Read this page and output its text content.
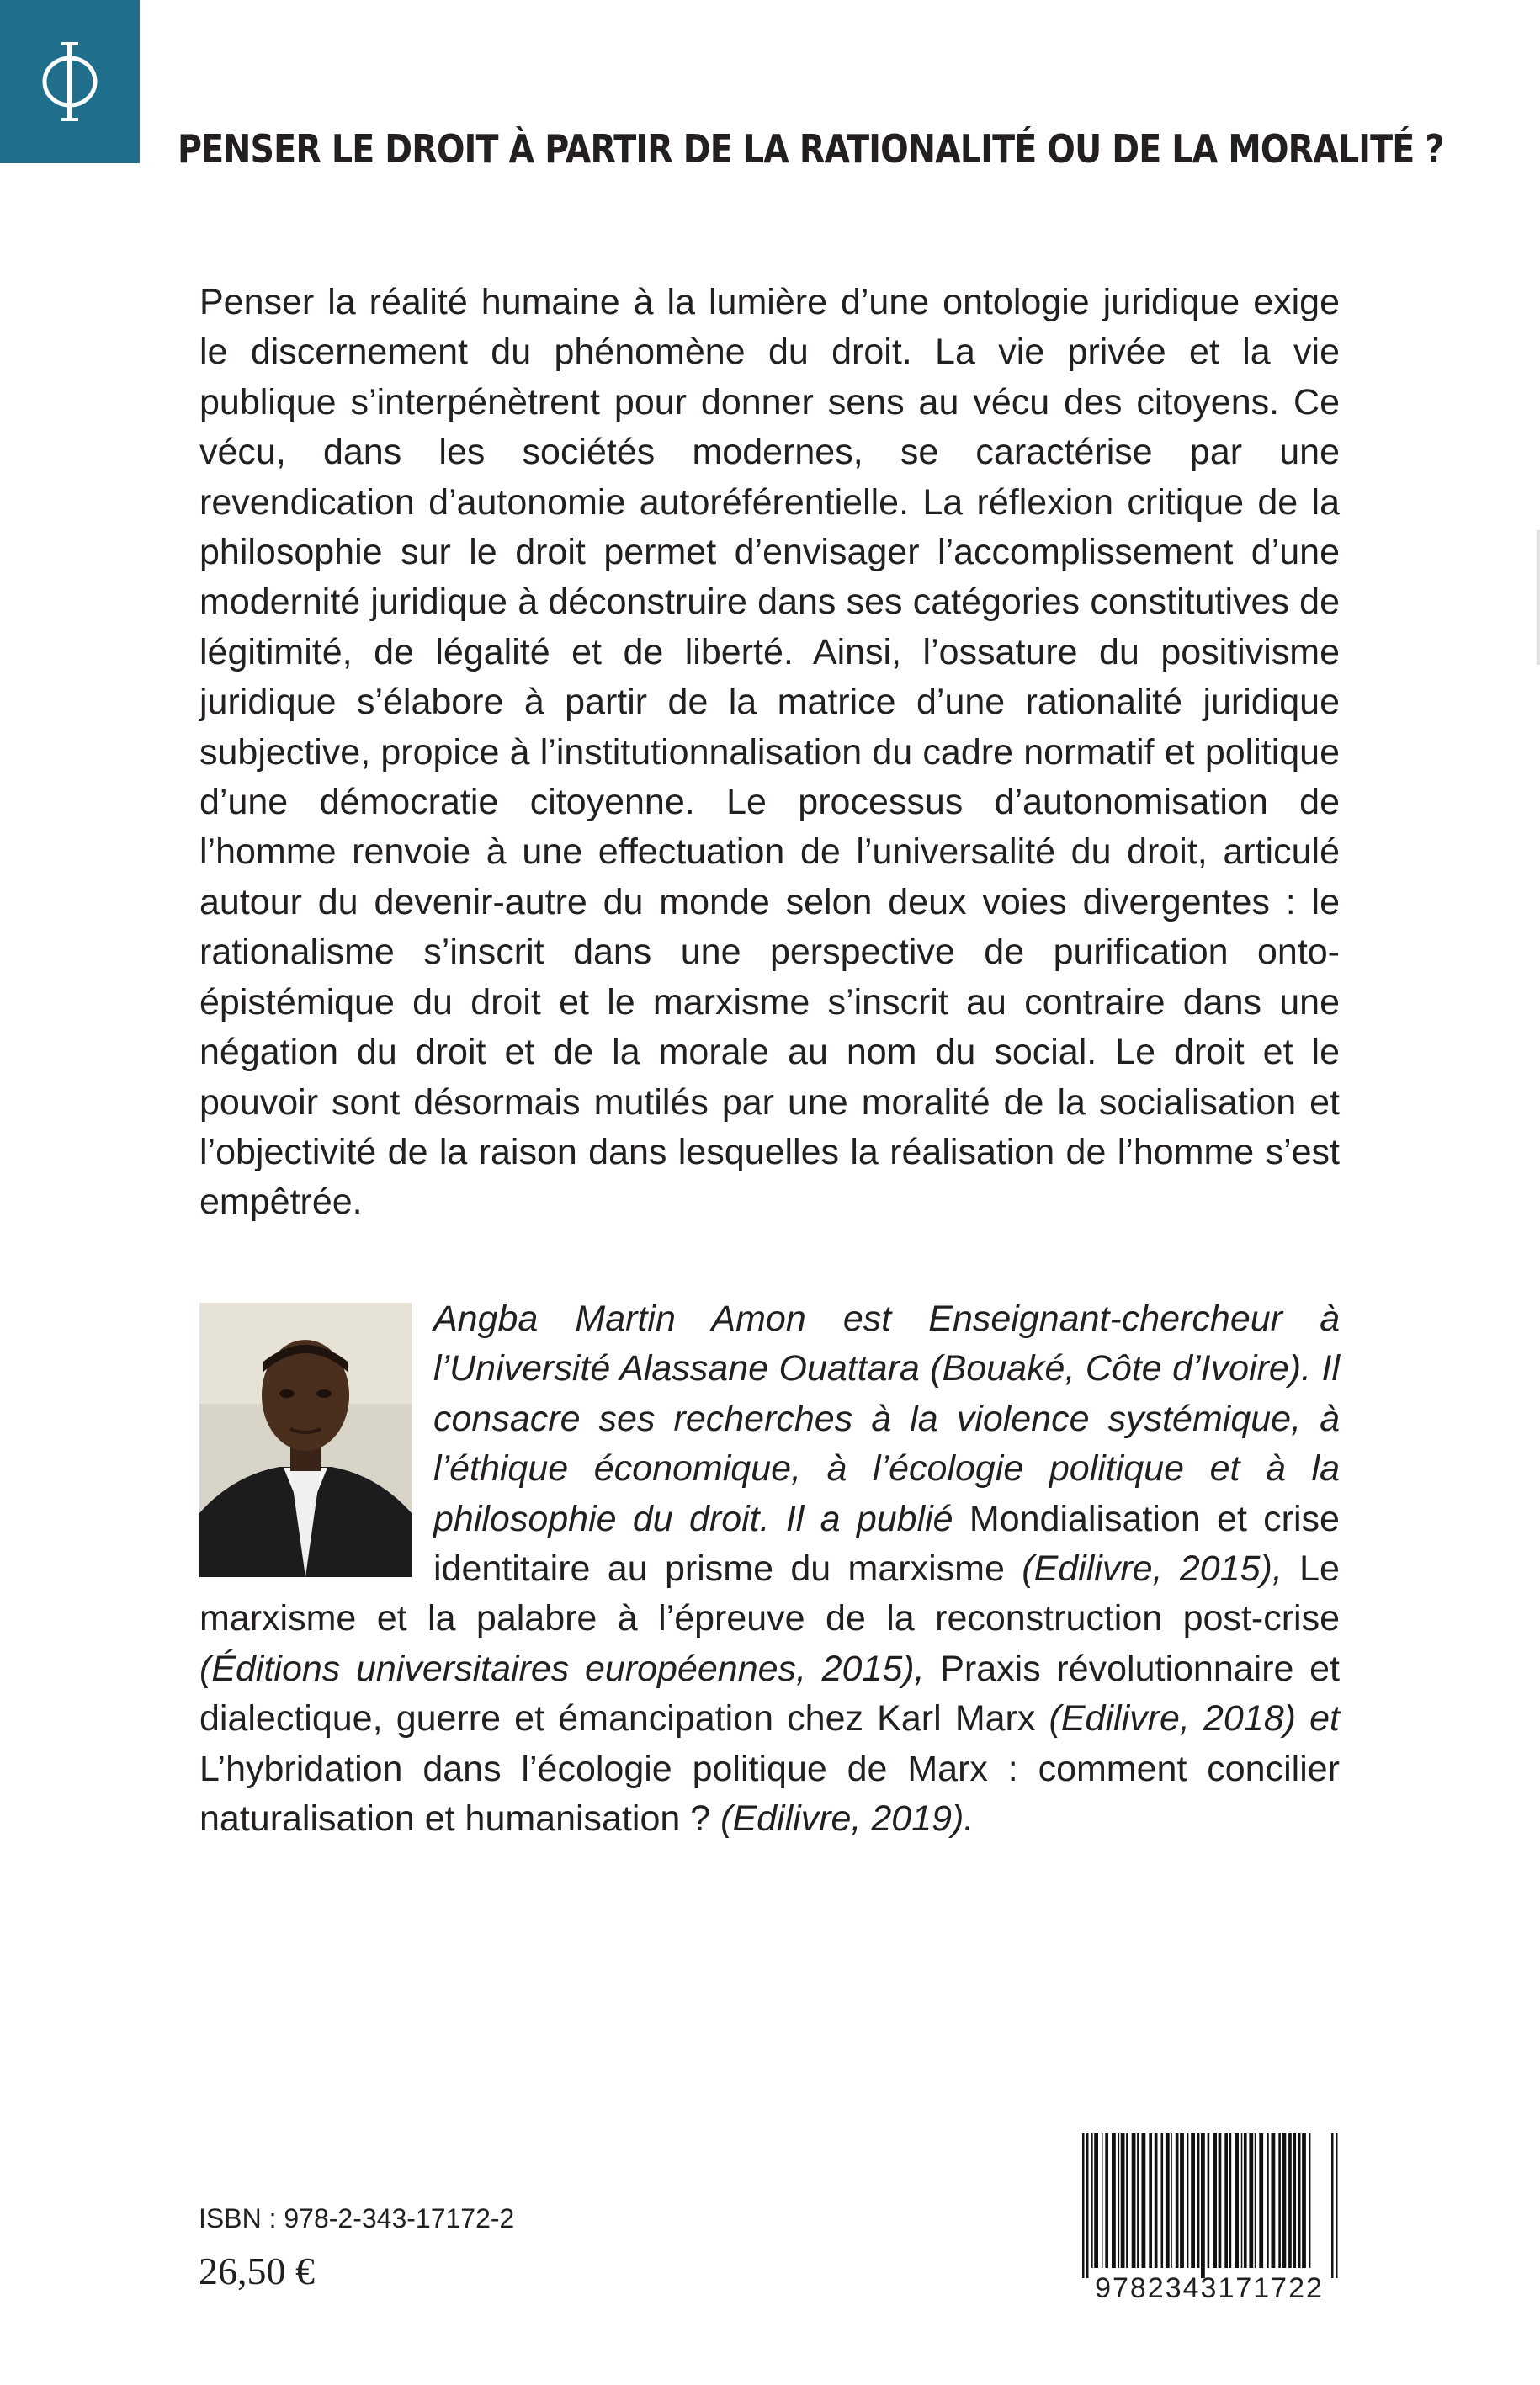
PENSER LE DROIT À PARTIR DE LA RATIONALITÉ OU DE LA MORALITÉ ?

Penser la réalité humaine à la lumière d’une ontologie juridique exige le discernement du phénomène du droit. La vie privée et la vie publique s’interpénètrent pour donner sens au vécu des citoyens. Ce vécu, dans les sociétés modernes, se caractérise par une revendication d’autonomie autoréférentielle. La réflexion critique de la philosophie sur le droit permet d’envisager l’accomplissement d’une modernité juridique à déconstruire dans ses catégories constitutives de légitimité, de légalité et de liberté. Ainsi, l’ossature du positivisme juridique s’élabore à partir de la matrice d’une rationalité juridique subjective, propice à l’institutionnalisation du cadre normatif et politique d’une démocratie citoyenne. Le processus d’autonomisation de l’homme renvoie à une effectuation de l’universalité du droit, articulé autour du devenir-autre du monde selon deux voies divergentes : le rationalisme s’inscrit dans une perspective de purification onto-épistémique du droit et le marxisme s’inscrit au contraire dans une négation du droit et de la morale au nom du social. Le droit et le pouvoir sont désormais mutilés par une moralité de la socialisation et l’objectivité de la raison dans lesquelles la réalisation de l’homme s’est empêtrée.

Angba Martin Amon est Enseignant-chercheur à l’Université Alassane Ouattara (Bouaké, Côte d’Ivoire). Il consacre ses recherches à la violence systémique, à l’éthique économique, à l’écologie politique et à la philosophie du droit. Il a publié Mondialisation et crise identitaire au prisme du marxisme (Edilivre, 2015), Le marxisme et la palabre à l’épreuve de la reconstruction post-crise (Éditions universitaires européennes, 2015), Praxis révolutionnaire et dialectique, guerre et émancipation chez Karl Marx (Edilivre, 2018) et L’hybridation dans l’écologie politique de Marx : comment concilier naturalisation et humanisation ? (Edilivre, 2019).
ISBN : 978-2-343-17172-2
26,50 €	9782343171722
